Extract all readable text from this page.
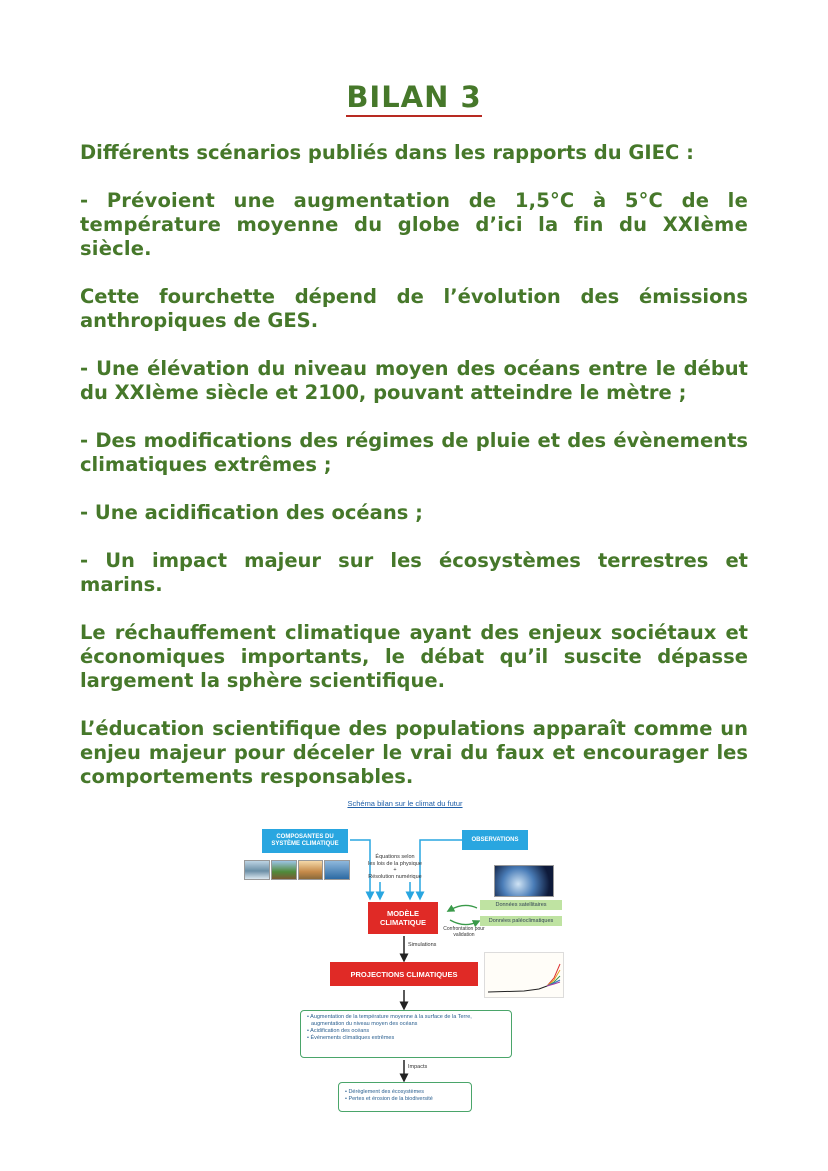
BILAN 3

Différents scénarios publiés dans les rapports du GIEC :

- Prévoient une augmentation de 1,5°C à 5°C de le température moyenne du globe d’ici la fin du XXIème siècle.

Cette fourchette dépend de l’évolution des émissions anthropiques de GES.

- Une élévation du niveau moyen des océans entre le début du XXIème siècle et 2100, pouvant atteindre le mètre ;

- Des modifications des régimes de pluie et des évènements climatiques extrêmes ;

- Une acidification des océans ;

- Un impact majeur sur les écosystèmes terrestres et marins.

Le réchauffement climatique ayant des enjeux sociétaux et économiques importants, le débat qu’il suscite dépasse largement la sphère scientifique.

L’éducation scientifique des populations apparaît comme un enjeu majeur pour déceler le vrai du faux et encourager les comportements responsables.

Schéma bilan sur le climat du futur
COMPOSANTES DU SYSTÈME CLIMATIQUE
OBSERVATIONS
Équations selon
les lois de la physique
+
Résolution numérique
MODÈLE CLIMATIQUE
Données satellitaires
Données paléoclimatiques
Confrontation pour validation
Simulations
PROJECTIONS CLIMATIQUES
• Augmentation de la température moyenne à la surface de la Terre,
augmentation du niveau moyen des océans
• Acidification des océans
• Événements climatiques extrêmes
Impacts
• Dérèglement des écosystèmes
• Pertes et érosion de la biodiversité
